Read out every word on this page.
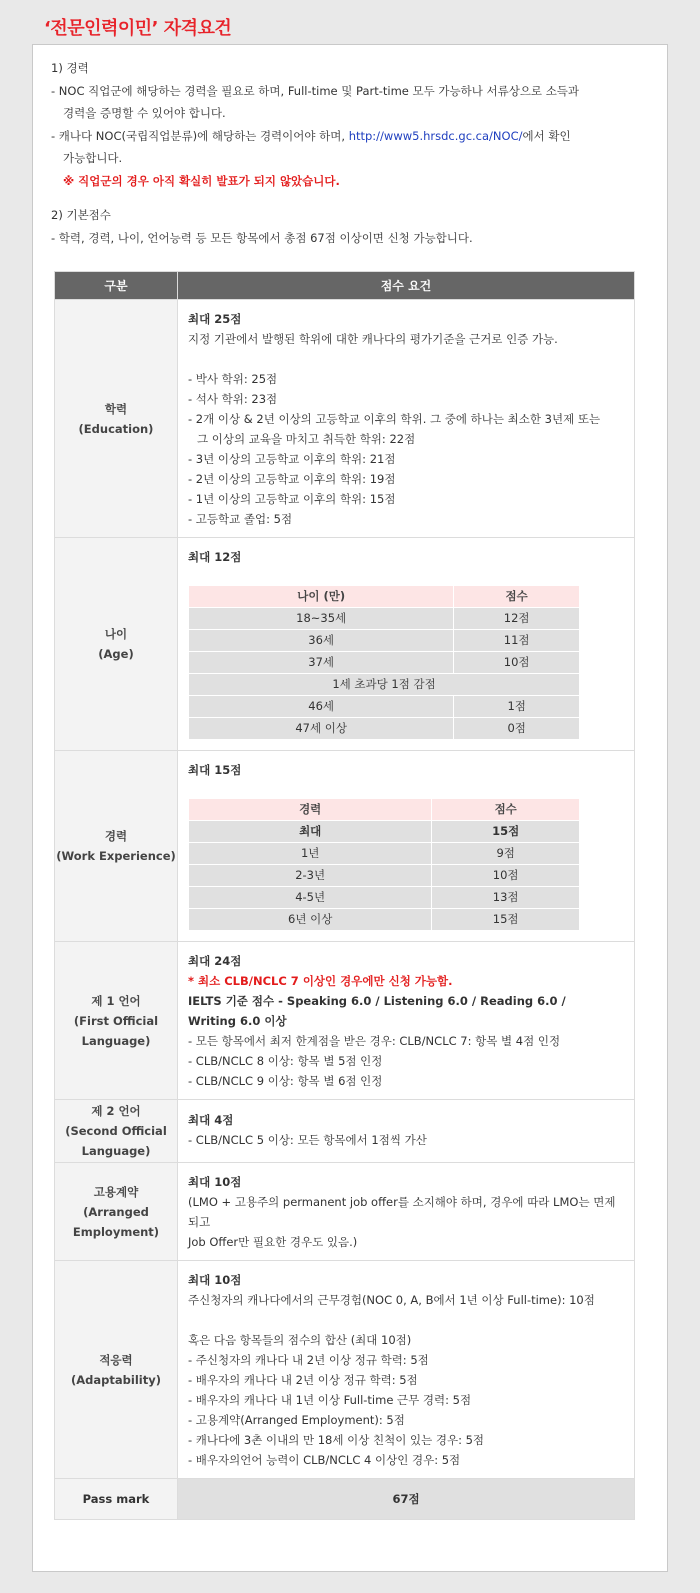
‘전문인력이민’ 자격요건
1) 경력
- NOC 직업군에 해당하는 경력을 필요로 하며, Full-time 및 Part-time 모두 가능하나 서류상으로 소득과
경력을 증명할 수 있어야 합니다.
- 캐나다 NOC(국립직업분류)에 해당하는 경력이어야 하며, http://www5.hrsdc.gc.ca/NOC/에서 확인
가능합니다.
※ 직업군의 경우 아직 확실히 발표가 되지 않았습니다.
2) 기본점수
- 학력, 경력, 나이, 언어능력 등 모든 항목에서 총점 67점 이상이면 신청 가능합니다.
구분	점수 요건

학력
(Education)

최대 25점
지정 기관에서 발행된 학위에 대한 캐나다의 평가기준을 근거로 인증 가능.
- 박사 학위: 25점
- 석사 학위: 23점
- 2개 이상 & 2년 이상의 고등학교 이후의 학위. 그 중에 하나는 최소한 3년제 또는
그 이상의 교육을 마치고 취득한 학위: 22점
- 3년 이상의 고등학교 이후의 학위: 21점
- 2년 이상의 고등학교 이후의 학위: 19점
- 1년 이상의 고등학교 이후의 학위: 15점
- 고등학교 졸업: 5점

나이
(Age)

최대 12점
나이 (만)	점수
18~35세	12점
36세	11점
37세	10점
1세 초과당 1점 감점
46세	1점
47세 이상	0점

경력
(Work Experience)

최대 15점
경력	점수
최대	15점
1년	9점
2-3년	10점
4-5년	13점
6년 이상	15점

제 1 언어
(First Official
Language)

최대 24점
* 최소 CLB/NCLC 7 이상인 경우에만 신청 가능함.
IELTS 기준 점수 - Speaking 6.0 / Listening 6.0 / Reading 6.0 /
Writing 6.0 이상
- 모든 항목에서 최저 한계점을 받은 경우: CLB/NCLC 7: 항목 별 4점 인정
- CLB/NCLC 8 이상: 항목 별 5점 인정
- CLB/NCLC 9 이상: 항목 별 6점 인정

제 2 언어
(Second Official
Language)

최대 4점
- CLB/NCLC 5 이상: 모든 항목에서 1점씩 가산

고용계약
(Arranged
Employment)

최대 10점
(LMO + 고용주의 permanent job offer를 소지해야 하며, 경우에 따라 LMO는 면제
되고
Job Offer만 필요한 경우도 있음.)

적응력
(Adaptability)

최대 10점
주신청자의 캐나다에서의 근무경험(NOC 0, A, B에서 1년 이상 Full-time): 10점
혹은 다음 항목들의 점수의 합산 (최대 10점)
- 주신청자의 캐나다 내 2년 이상 정규 학력: 5점
- 배우자의 캐나다 내 2년 이상 정규 학력: 5점
- 배우자의 캐나다 내 1년 이상 Full-time 근무 경력: 5점
- 고용계약(Arranged Employment): 5점
- 캐나다에 3촌 이내의 만 18세 이상 친척이 있는 경우: 5점
- 배우자의언어 능력이 CLB/NCLC 4 이상인 경우: 5점

Pass mark	67점
